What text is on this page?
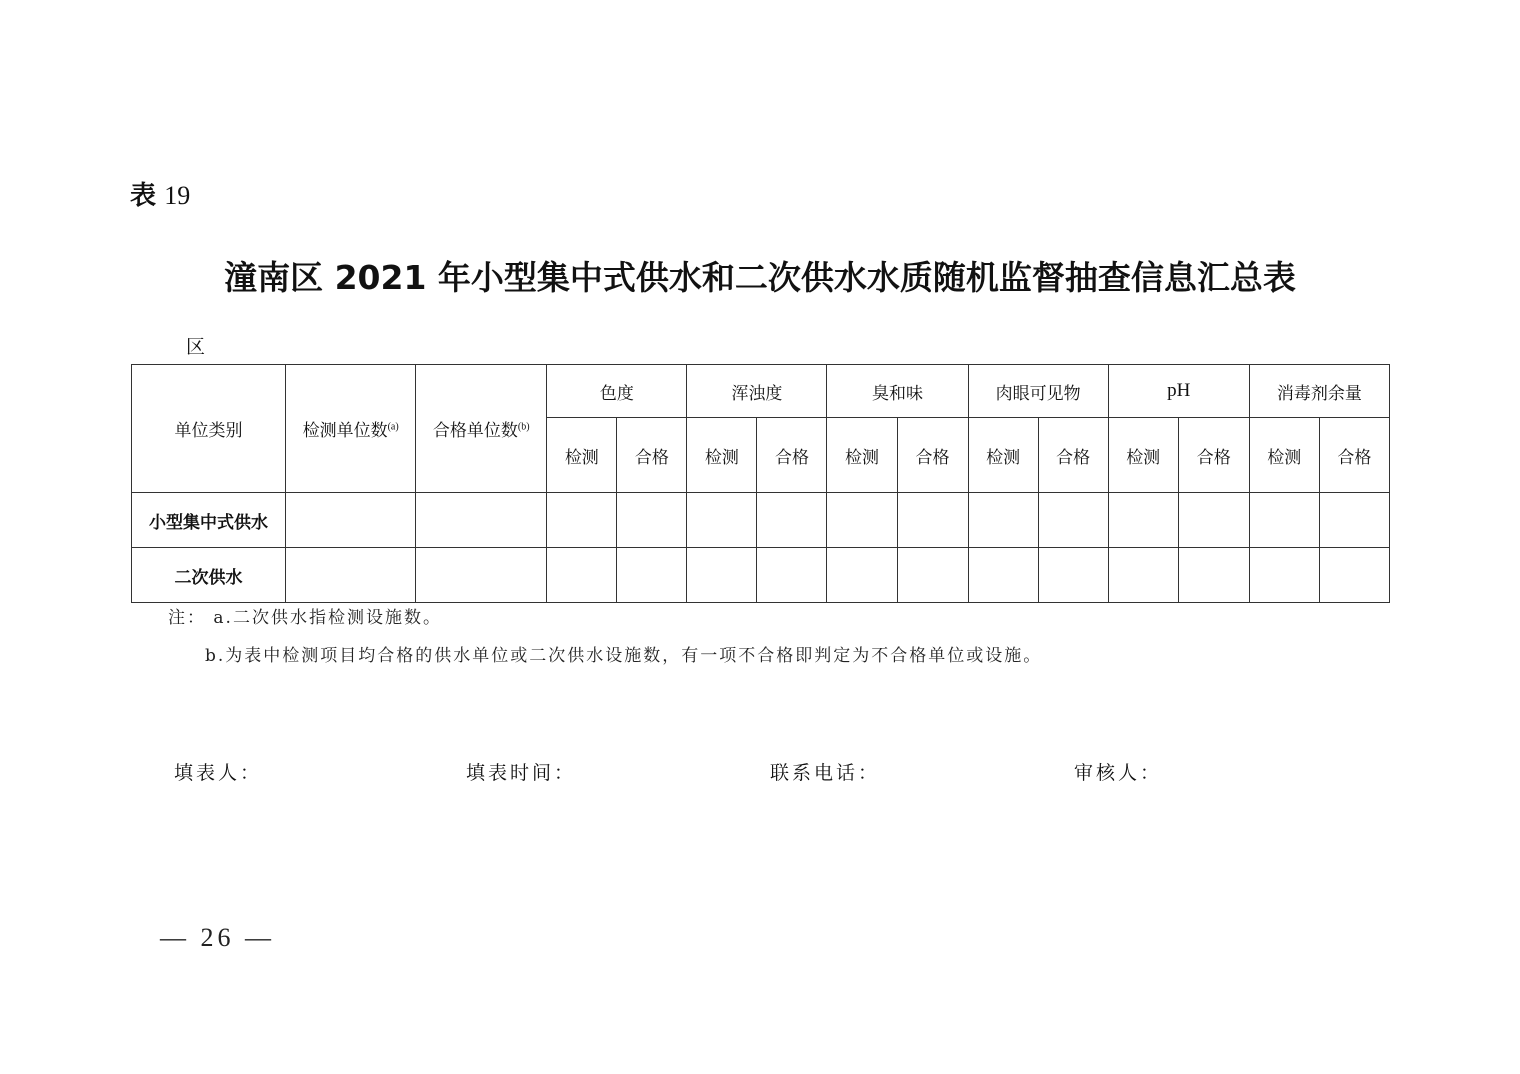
表 19
潼南区 2021 年小型集中式供水和二次供水水质随机监督抽查信息汇总表
区
单位类别	检测单位数$^{(a)}$	合格单位数$^{(b)}$	色度		浑浊度		臭和味		肉眼可见物		pH		消毒剂余量	
			检测	合格	检测	合格	检测	合格	检测	合格	检测	合格	检测	合格
小型集中式供水														
二次供水														
注： a.二次供水指检测设施数。
b.为表中检测项目均合格的供水单位或二次供水设施数，有一项不合格即判定为不合格单位或设施。
填表人：	填表时间：	联系电话：	审核人：
— 26 —
